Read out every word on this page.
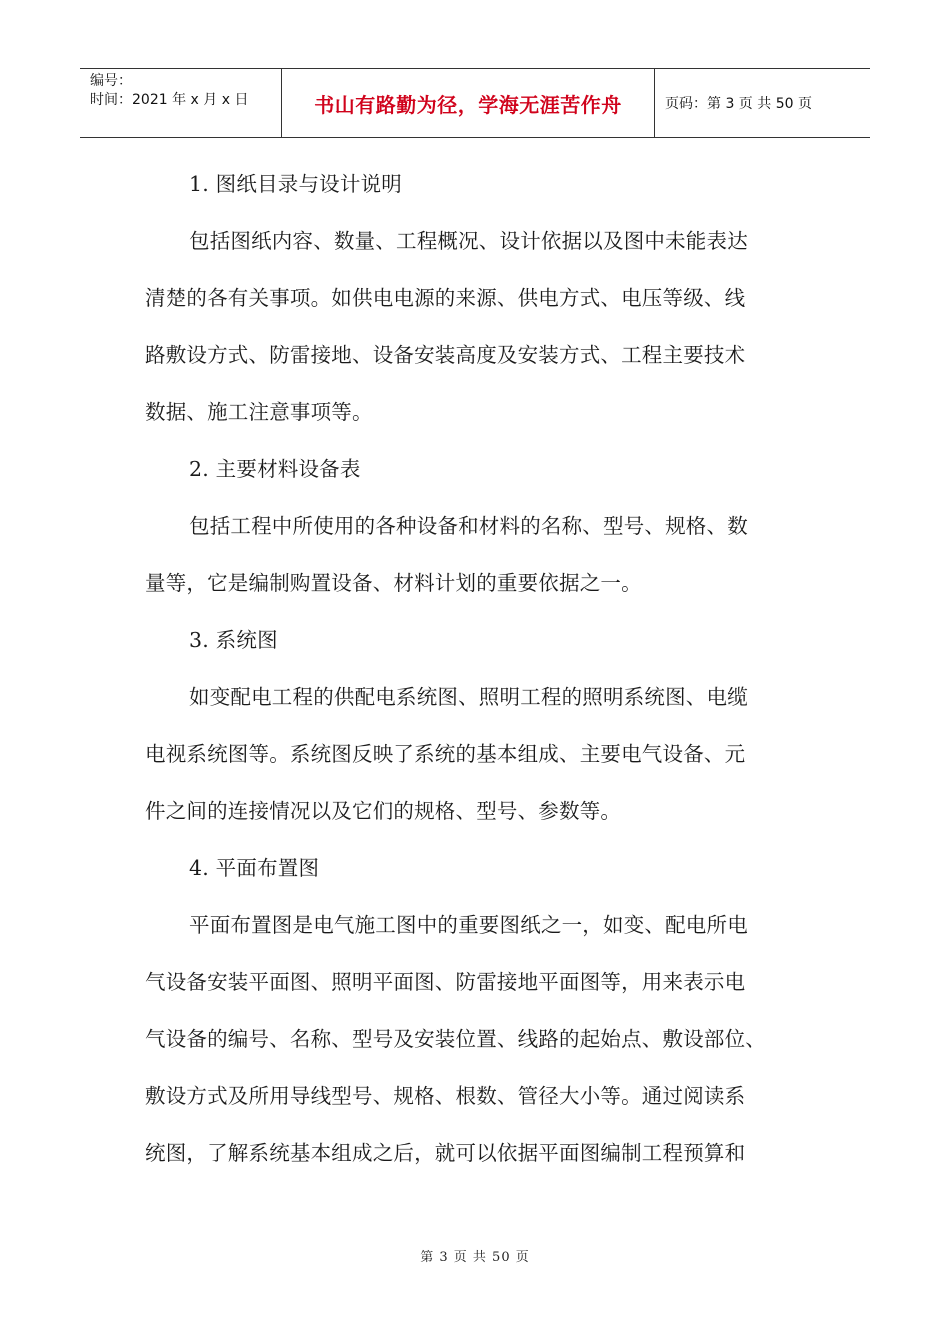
编号：
时间：2021 年 x 月 x 日	书山有路勤为径，学海无涯苦作舟	页码：第 3 页 共 50 页
1. 图纸目录与设计说明
包括图纸内容、数量、工程概况、设计依据以及图中未能表达
清楚的各有关事项。如供电电源的来源、供电方式、电压等级、线
路敷设方式、防雷接地、设备安装高度及安装方式、工程主要技术
数据、施工注意事项等。
2. 主要材料设备表
包括工程中所使用的各种设备和材料的名称、型号、规格、数
量等，它是编制购置设备、材料计划的重要依据之一。
3. 系统图
如变配电工程的供配电系统图、照明工程的照明系统图、电缆
电视系统图等。系统图反映了系统的基本组成、主要电气设备、元
件之间的连接情况以及它们的规格、型号、参数等。
4. 平面布置图
平面布置图是电气施工图中的重要图纸之一，如变、配电所电
气设备安装平面图、照明平面图、防雷接地平面图等，用来表示电
气设备的编号、名称、型号及安装位置、线路的起始点、敷设部位、
敷设方式及所用导线型号、规格、根数、管径大小等。通过阅读系
统图，了解系统基本组成之后，就可以依据平面图编制工程预算和
第 3 页 共 50 页
